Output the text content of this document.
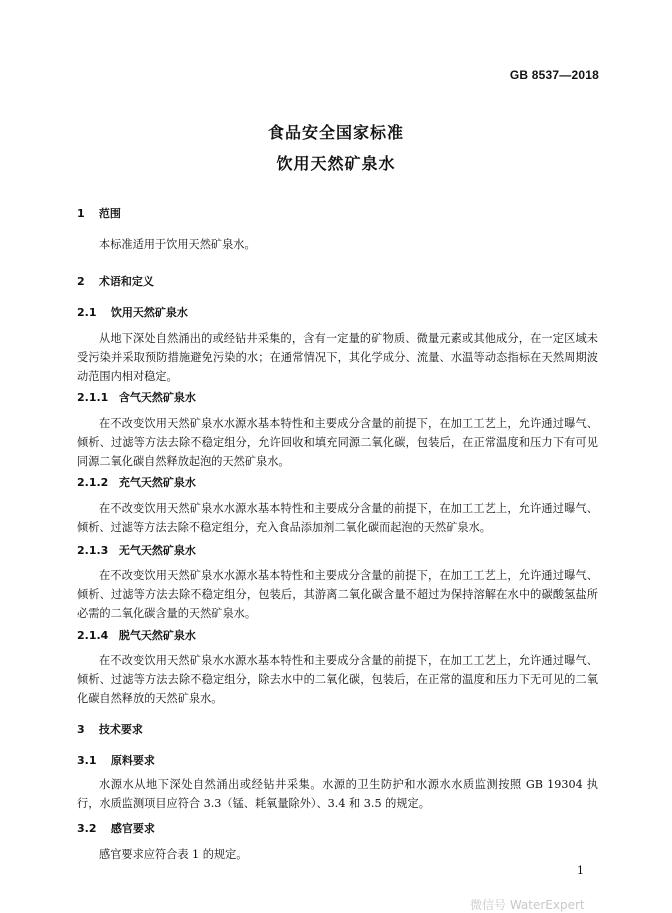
GB 8537—2018
食品安全国家标准
饮用天然矿泉水
1 范围
本标准适用于饮用天然矿泉水。
2 术语和定义
2.1 饮用天然矿泉水
从地下深处自然涌出的或经钻井采集的，含有一定量的矿物质、微量元素或其他成分，在一定区域未受污染并采取预防措施避免污染的水；在通常情况下，其化学成分、流量、水温等动态指标在天然周期波动范围内相对稳定。
2.1.1 含气天然矿泉水
在不改变饮用天然矿泉水水源水基本特性和主要成分含量的前提下，在加工工艺上，允许通过曝气、倾析、过滤等方法去除不稳定组分，允许回收和填充同源二氧化碳，包装后，在正常温度和压力下有可见同源二氧化碳自然释放起泡的天然矿泉水。
2.1.2 充气天然矿泉水
在不改变饮用天然矿泉水水源水基本特性和主要成分含量的前提下，在加工工艺上，允许通过曝气、倾析、过滤等方法去除不稳定组分，充入食品添加剂二氧化碳而起泡的天然矿泉水。
2.1.3 无气天然矿泉水
在不改变饮用天然矿泉水水源水基本特性和主要成分含量的前提下，在加工工艺上，允许通过曝气、倾析、过滤等方法去除不稳定组分，包装后，其游离二氧化碳含量不超过为保持溶解在水中的碳酸氢盐所必需的二氧化碳含量的天然矿泉水。
2.1.4 脱气天然矿泉水
在不改变饮用天然矿泉水水源水基本特性和主要成分含量的前提下，在加工工艺上，允许通过曝气、倾析、过滤等方法去除不稳定组分，除去水中的二氧化碳，包装后，在正常的温度和压力下无可见的二氧化碳自然释放的天然矿泉水。
3 技术要求
3.1 原料要求
水源水从地下深处自然涌出或经钻井采集。水源的卫生防护和水源水水质监测按照 GB 19304 执行，水质监测项目应符合 3.3（锰、耗氧量除外）、3.4 和 3.5 的规定。
3.2 感官要求
感官要求应符合表 1 的规定。
1
微信号 WaterExpert
